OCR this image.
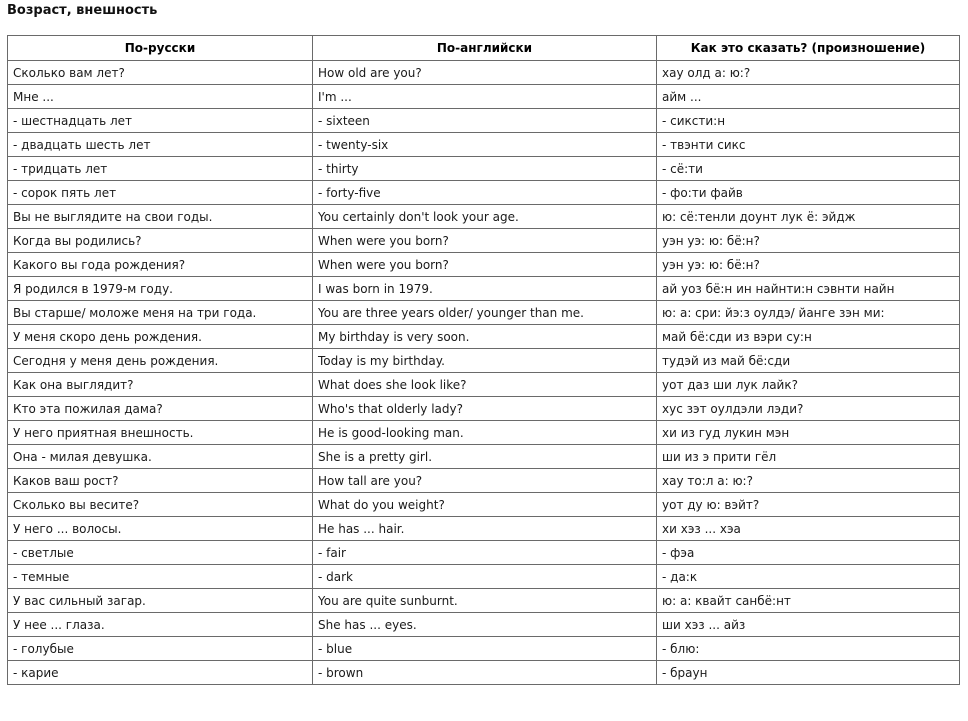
Возраст, внешность
По-русски	По-английски	Как это сказать? (произношение)
Сколько вам лет?	How old are you?	хау олд а: ю:?
Мне ...	I'm ...	айм ...
- шестнадцать лет	- sixteen	- сиксти:н
- двадцать шесть лет	- twenty-six	- твэнти сикс
- тридцать лет	- thirty	- сё:ти
- сорок пять лет	- forty-five	- фо:ти файв
Вы не выглядите на свои годы.	You certainly don't look your age.	ю: сё:тенли доунт лук ё: эйдж
Когда вы родились?	When were you born?	уэн уэ: ю: бё:н?
Какого вы года рождения?	When were you born?	уэн уэ: ю: бё:н?
Я родился в 1979-м году.	I was born in 1979.	ай уоз бё:н ин найнти:н сэвнти найн
Вы старше/ моложе меня на три года.	You are three years older/ younger than me.	ю: а: сри: йэ:з оулдэ/ йанге зэн ми:
У меня скоро день рождения.	My birthday is very soon.	май бё:сди из вэри су:н
Сегодня у меня день рождения.	Today is my birthday.	тудэй из май бё:сди
Как она выглядит?	What does she look like?	уот даз ши лук лайк?
Кто эта пожилая дама?	Who's that olderly lady?	хус зэт оулдэли лэди?
У него приятная внешность.	He is good-looking man.	хи из гуд лукин мэн
Она - милая девушка.	She is a pretty girl.	ши из э прити гёл
Каков ваш рост?	How tall are you?	хау то:л а: ю:?
Сколько вы весите?	What do you weight?	уот ду ю: вэйт?
У него ... волосы.	He has ... hair.	хи хэз ... хэа
- светлые	- fair	- фэа
- темные	- dark	- да:к
У вас сильный загар.	You are quite sunburnt.	ю: а: квайт санбё:нт
У нее ... глаза.	She has ... eyes.	ши хэз ... айз
- голубые	- blue	- блю:
- карие	- brown	- браун
